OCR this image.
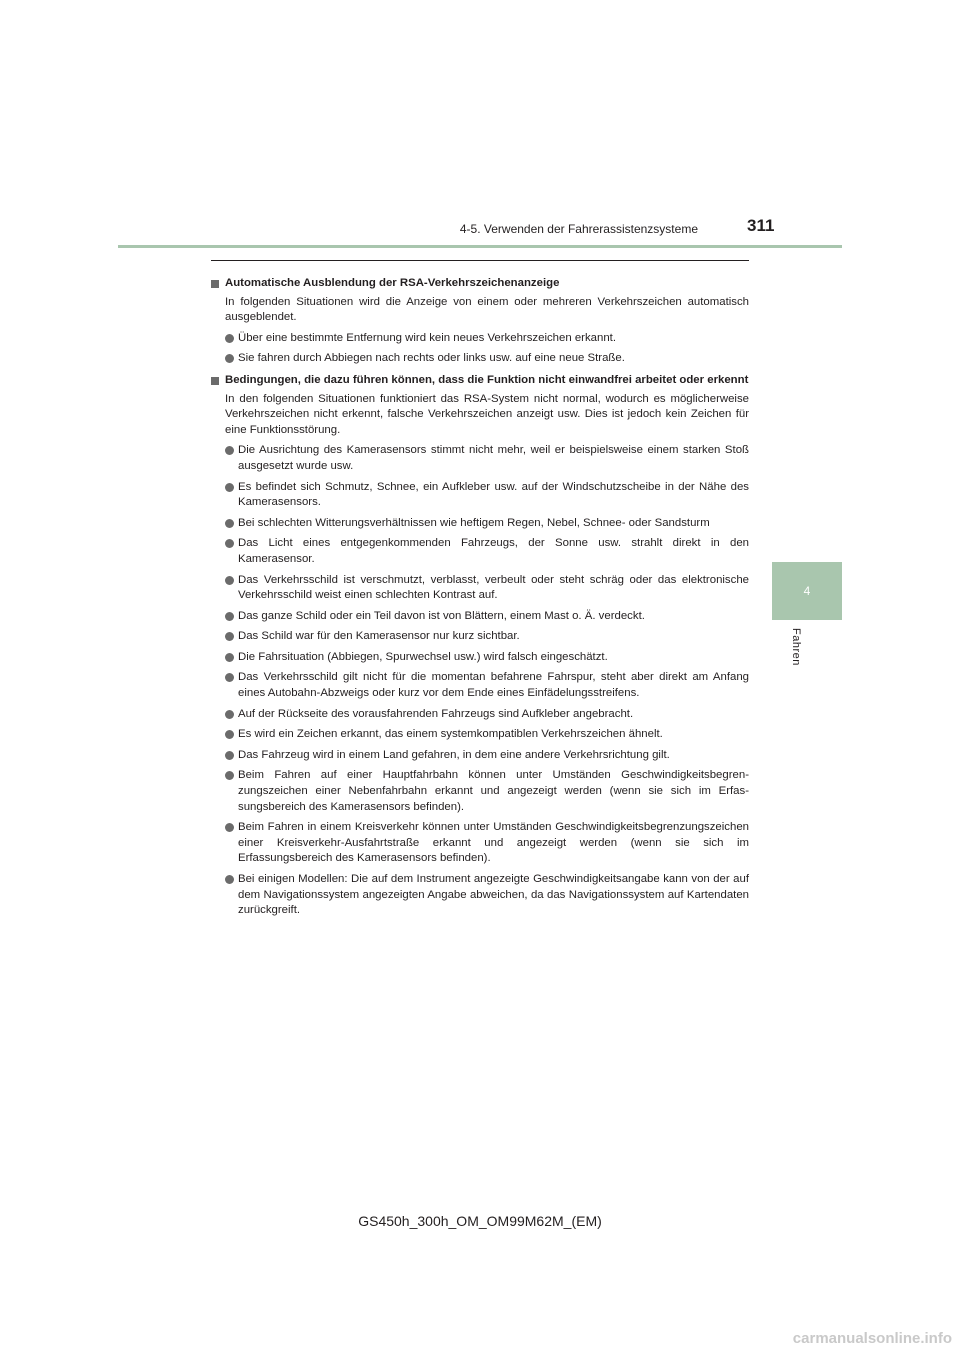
4-5. Verwenden der Fahrerassistenzsysteme	311
4
Fahren
Automatische Ausblendung der RSA-Verkehrszeichenanzeige
In folgenden Situationen wird die Anzeige von einem oder mehreren Verkehrszeichen automatisch ausgeblendet.
Über eine bestimmte Entfernung wird kein neues Verkehrszeichen erkannt.
Sie fahren durch Abbiegen nach rechts oder links usw. auf eine neue Straße.
Bedingungen, die dazu führen können, dass die Funktion nicht einwandfrei arbeitet oder erkennt
In den folgenden Situationen funktioniert das RSA-System nicht normal, wodurch es möglicherweise Verkehrszeichen nicht erkennt, falsche Verkehrszeichen anzeigt usw. Dies ist jedoch kein Zeichen für eine Funktionsstörung.
Die Ausrichtung des Kamerasensors stimmt nicht mehr, weil er beispielsweise einem starken Stoß ausgesetzt wurde usw.
Es befindet sich Schmutz, Schnee, ein Aufkleber usw. auf der Windschutzscheibe in der Nähe des Kamerasensors.
Bei schlechten Witterungsverhältnissen wie heftigem Regen, Nebel, Schnee- oder Sandsturm
Das Licht eines entgegenkommenden Fahrzeugs, der Sonne usw. strahlt direkt in den Kamerasensor.
Das Verkehrsschild ist verschmutzt, verblasst, verbeult oder steht schräg oder das elektronische Verkehrsschild weist einen schlechten Kontrast auf.
Das ganze Schild oder ein Teil davon ist von Blättern, einem Mast o. Ä. verdeckt.
Das Schild war für den Kamerasensor nur kurz sichtbar.
Die Fahrsituation (Abbiegen, Spurwechsel usw.) wird falsch eingeschätzt.
Das Verkehrsschild gilt nicht für die momentan befahrene Fahrspur, steht aber direkt am Anfang eines Autobahn-Abzweigs oder kurz vor dem Ende eines Einfädelungsstreifens.
Auf der Rückseite des vorausfahrenden Fahrzeugs sind Aufkleber angebracht.
Es wird ein Zeichen erkannt, das einem systemkompatiblen Verkehrszeichen ähnelt.
Das Fahrzeug wird in einem Land gefahren, in dem eine andere Verkehrsrichtung gilt.
Beim Fahren auf einer Hauptfahrbahn können unter Umständen Geschwindigkeitsbegrenzungszeichen einer Nebenfahrbahn erkannt und angezeigt werden (wenn sie sich im Erfassungsbereich des Kamerasensors befinden).
Beim Fahren in einem Kreisverkehr können unter Umständen Geschwindigkeitsbegrenzungszeichen einer Kreisverkehr-Ausfahrtstraße erkannt und angezeigt werden (wenn sie sich im Erfassungsbereich des Kamerasensors befinden).
Bei einigen Modellen: Die auf dem Instrument angezeigte Geschwindigkeitsangabe kann von der auf dem Navigationssystem angezeigten Angabe abweichen, da das Navigationssystem auf Kartendaten zurückgreift.
GS450h_300h_OM_OM99M62M_(EM)
carmanualsonline.info
